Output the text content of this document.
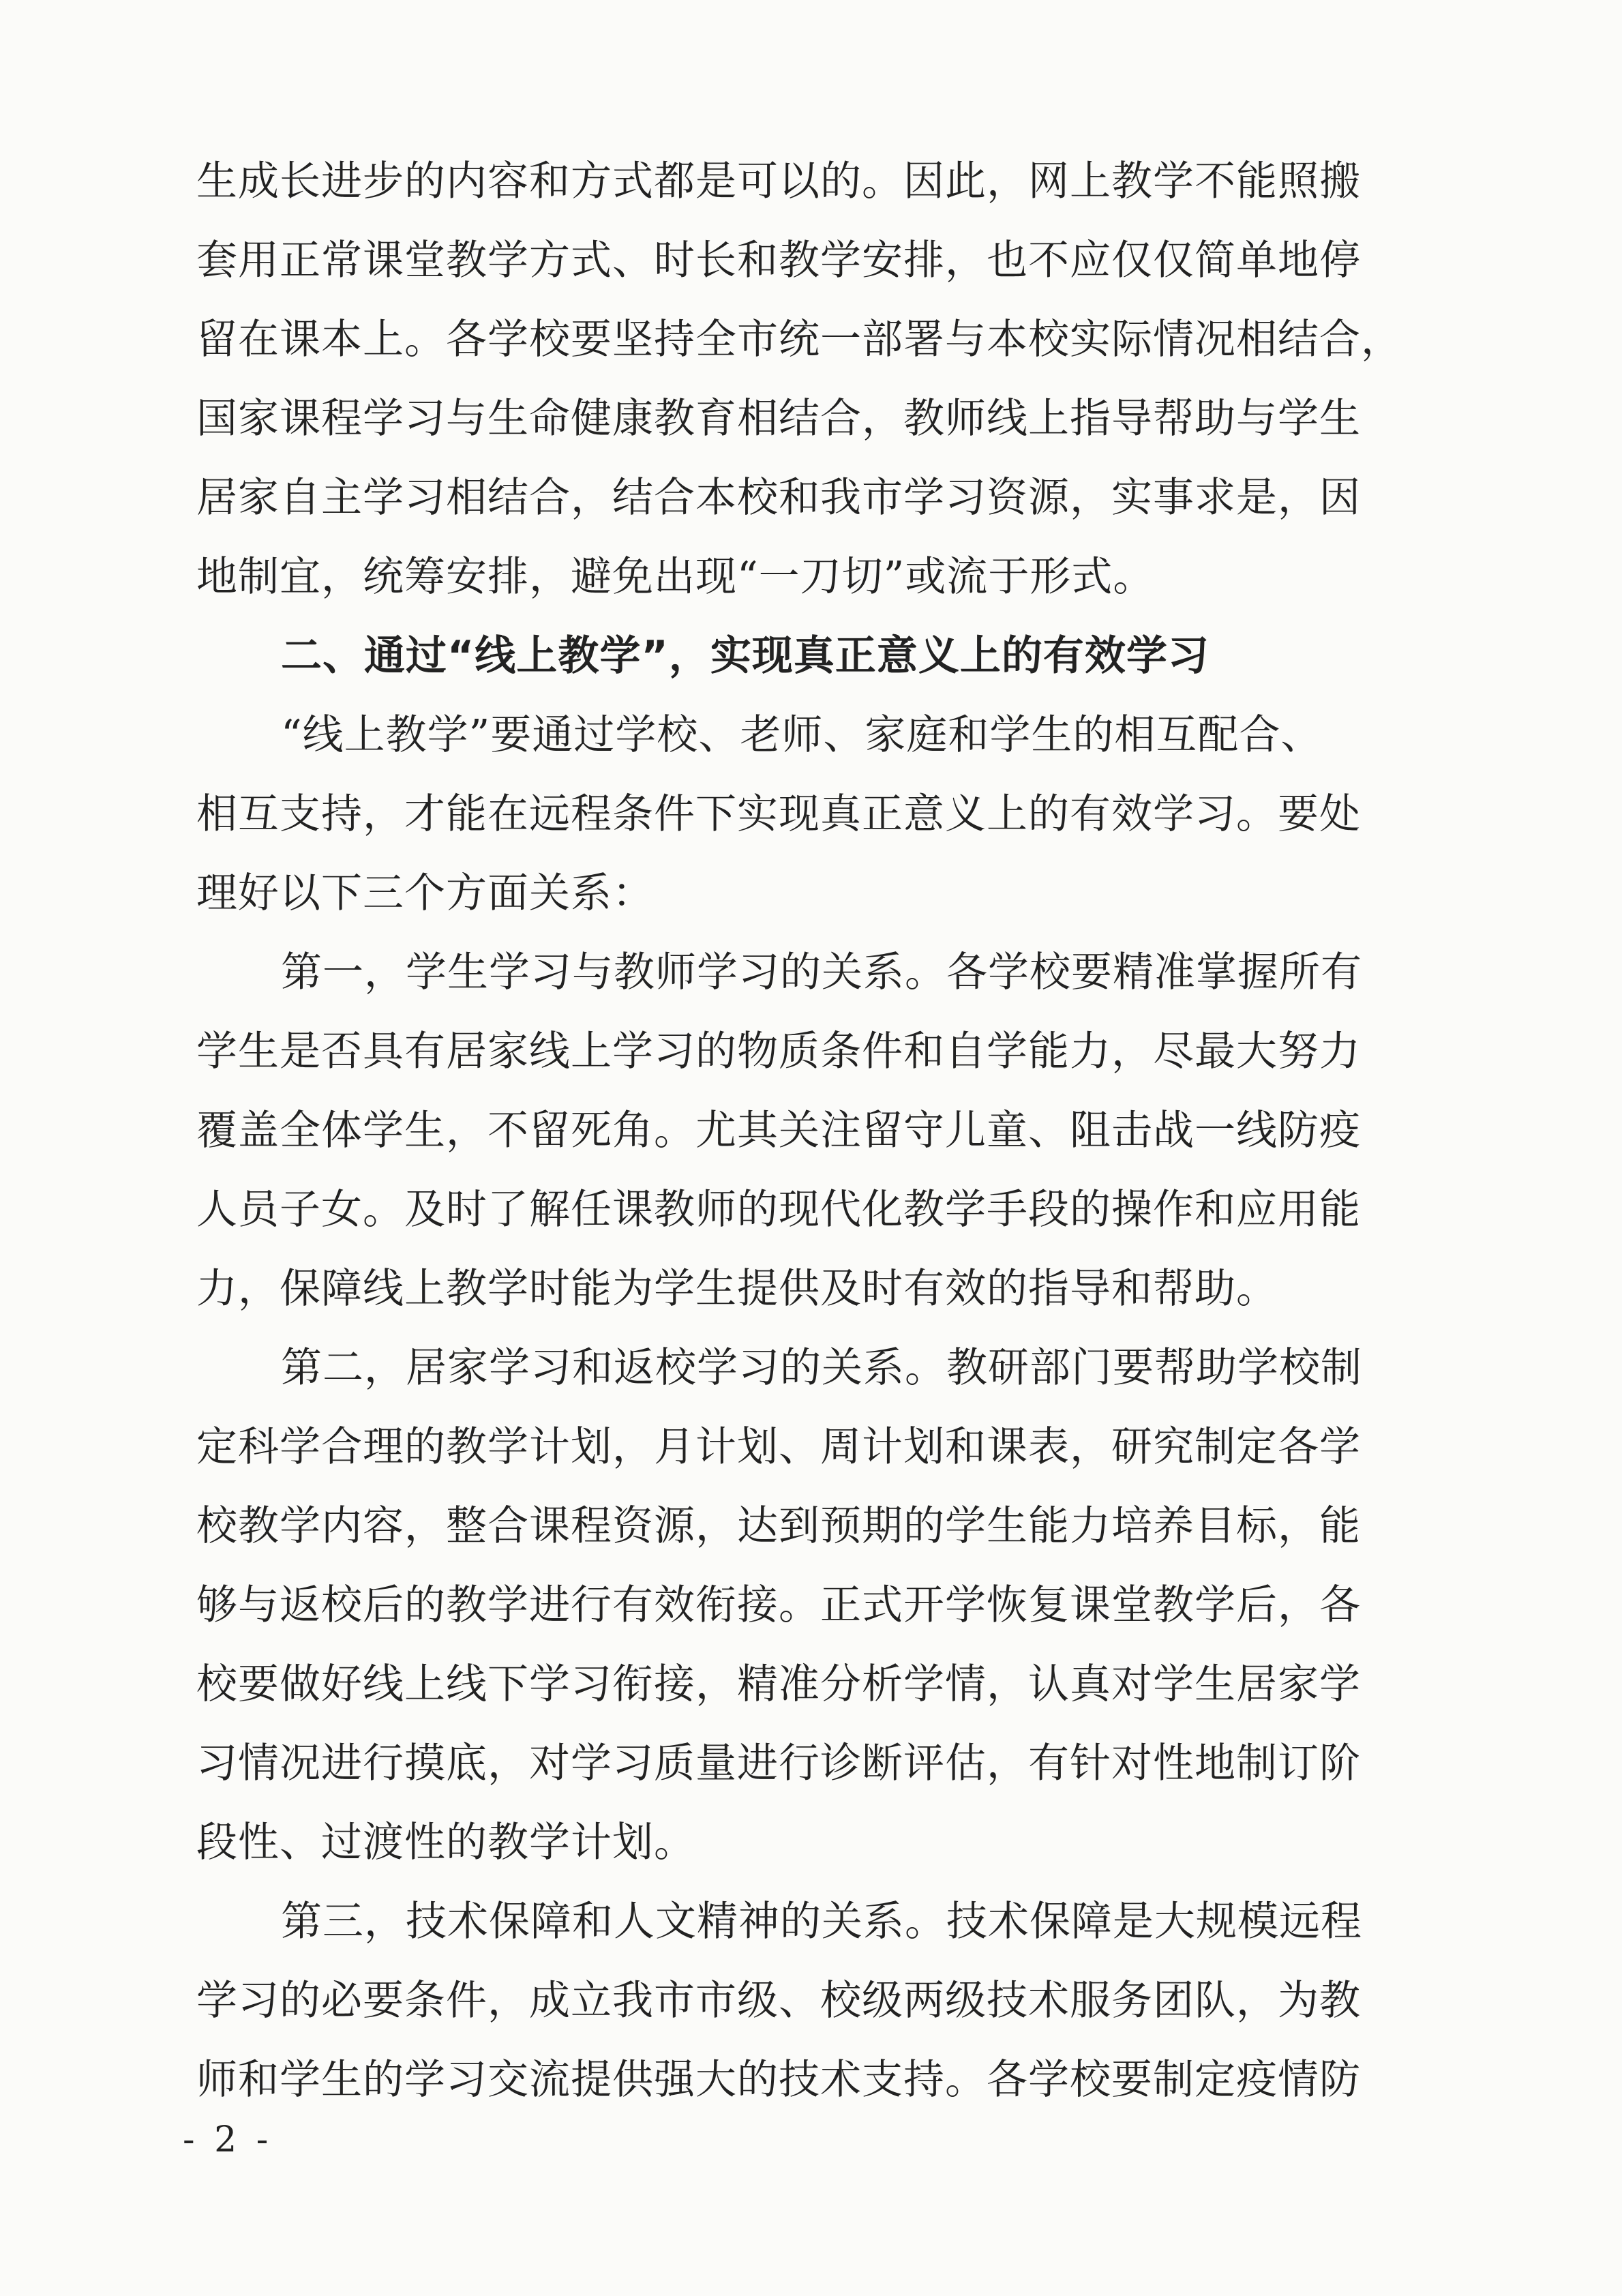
生成长进步的内容和方式都是可以的。因此，网上教学不能照搬
套用正常课堂教学方式、时长和教学安排，也不应仅仅简单地停
留在课本上。各学校要坚持全市统一部署与本校实际情况相结合，
国家课程学习与生命健康教育相结合，教师线上指导帮助与学生
居家自主学习相结合，结合本校和我市学习资源，实事求是，因
地制宜，统筹安排，避免出现“一刀切”或流于形式。
二、通过“线上教学”，实现真正意义上的有效学习
“线上教学”要通过学校、老师、家庭和学生的相互配合、
相互支持，才能在远程条件下实现真正意义上的有效学习。要处
理好以下三个方面关系：
第一，学生学习与教师学习的关系。各学校要精准掌握所有
学生是否具有居家线上学习的物质条件和自学能力，尽最大努力
覆盖全体学生，不留死角。尤其关注留守儿童、阻击战一线防疫
人员子女。及时了解任课教师的现代化教学手段的操作和应用能
力，保障线上教学时能为学生提供及时有效的指导和帮助。
第二，居家学习和返校学习的关系。教研部门要帮助学校制
定科学合理的教学计划，月计划、周计划和课表，研究制定各学
校教学内容，整合课程资源，达到预期的学生能力培养目标，能
够与返校后的教学进行有效衔接。正式开学恢复课堂教学后，各
校要做好线上线下学习衔接，精准分析学情，认真对学生居家学
习情况进行摸底，对学习质量进行诊断评估，有针对性地制订阶
段性、过渡性的教学计划。
第三，技术保障和人文精神的关系。技术保障是大规模远程
学习的必要条件，成立我市市级、校级两级技术服务团队，为教
师和学生的学习交流提供强大的技术支持。各学校要制定疫情防
- 2 -
